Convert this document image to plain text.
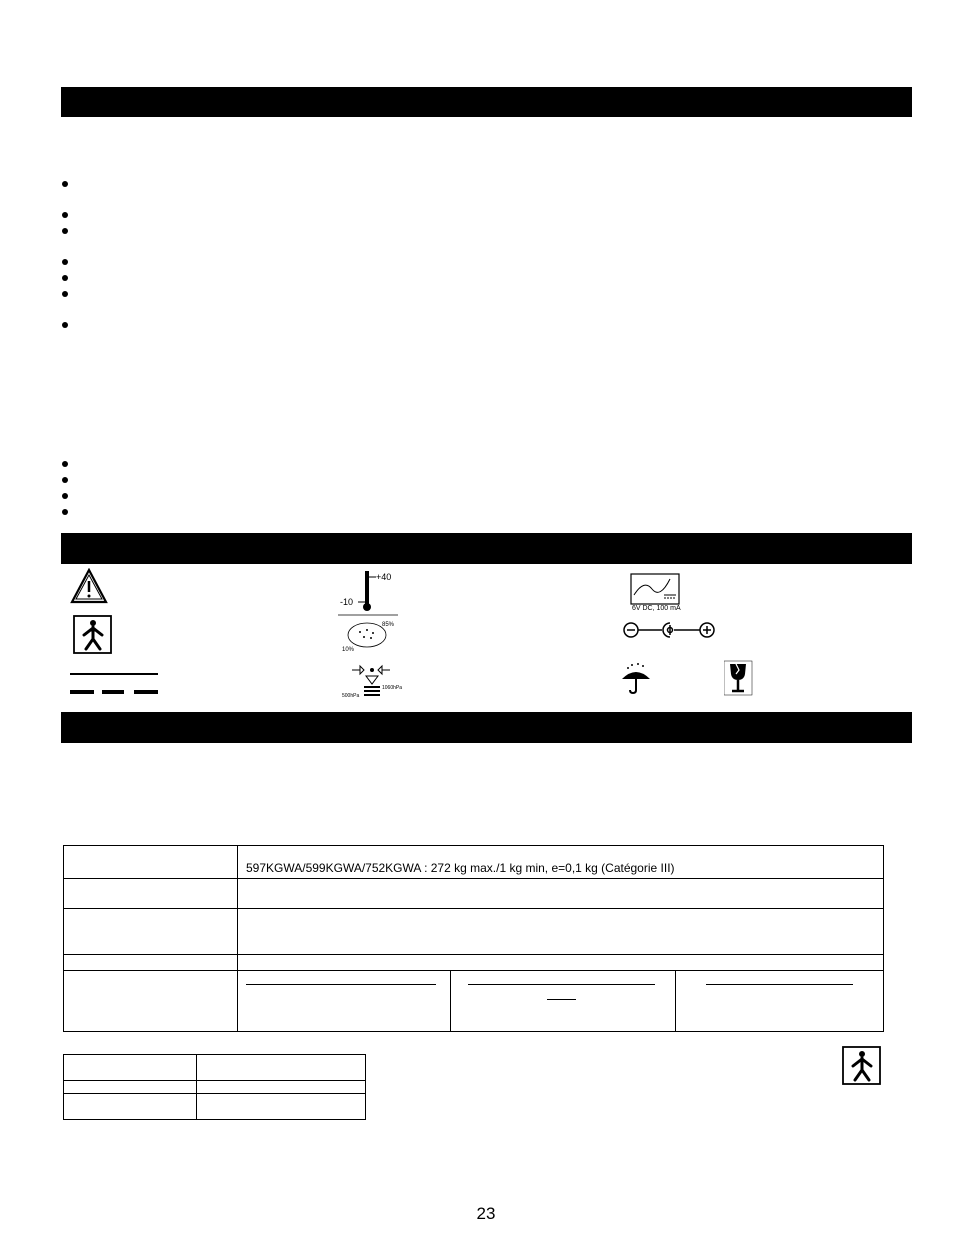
+40
-10
6V DC, 100 mA
85%
10%
1060hPa
500hPa

	597KGWA/599KGWA/752KGWA : 272 kg max./1 kg min, e=0,1 kg (Catégorie III)		

23
